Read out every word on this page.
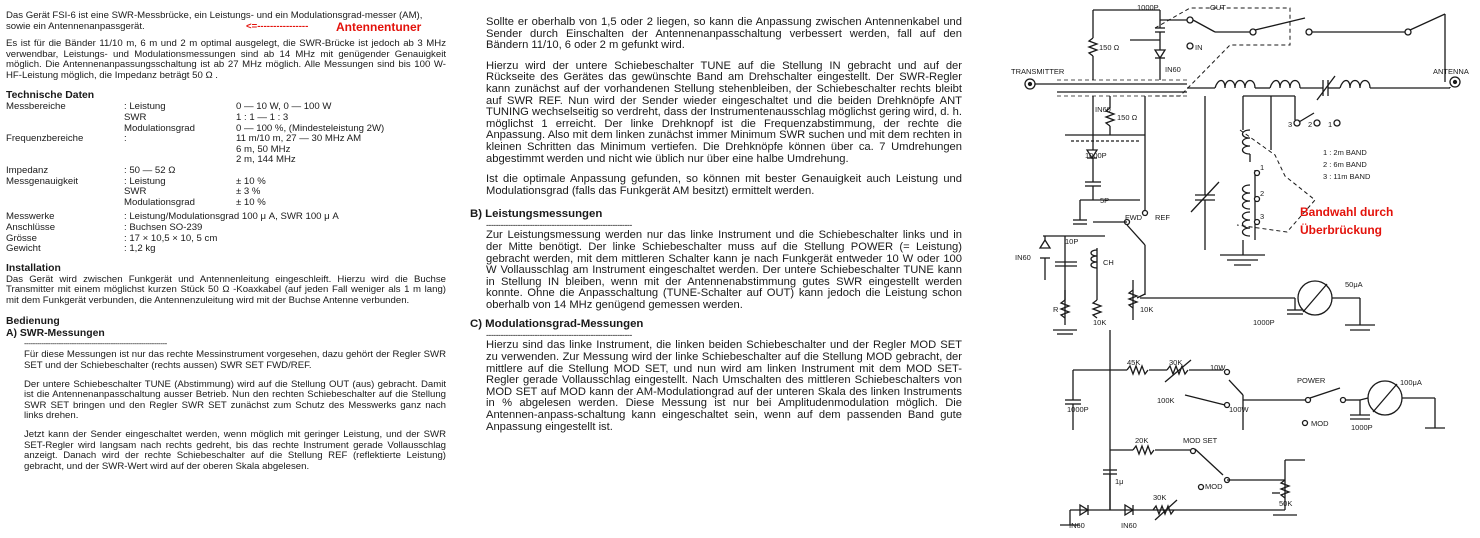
Das Gerät FSI-6 ist eine SWR-Messbrücke, ein Leistungs- und ein Modulationsgrad-messer (AM), sowie ein Antennenanpassgerät.	<=---------------- Antennentuner

Es ist für die Bänder 11/10 m, 6 m und 2 m optimal ausgelegt, die SWR-Brücke ist jedoch ab 3 MHz verwendbar, Leistungs- und Modulationsmessungen sind ab 14 MHz mit genügender Genauigkeit möglich. Die Antennenanpassungsschaltung ist ab 27 MHz möglich. Alle Messungen sind bis 100 W-HF-Leistung möglich, die Impedanz beträgt 50 Ω .

Technische Daten
Messbereiche	: Leistung	0 — 10 W, 0 — 100 W
SWR	1 : 1 — 1 : 3
Modulationsgrad	0 — 100 %, (Mindesteleistung 2W)
Frequenzbereiche	:	11 m/10 m, 27 — 30 MHz AM
6 m, 50 MHz
2 m, 144 MHz
Impedanz	: 50 — 52 Ω
Messgenauigkeit	: Leistung	± 10 %
SWR	± 3 %
Modulationsgrad	± 10 %
Messwerke	: Leistung/Modulationsgrad 100 μ A, SWR 100 μ A
Anschlüsse	: Buchsen SO-239
Grösse	: 17 × 10,5 × 10, 5 cm
Gewicht	: 1,2 kg
Installation

Das Gerät wird zwischen Funkgerät und Antennenleitung eingeschleift. Hierzu wird die Buchse Transmitter mit einem möglichst kurzen Stück 50 Ω -Koaxkabel (auf jeden Fall weniger als 1 m lang) mit dem Funkgerät verbunden, die Antennenzuleitung wird mit der Buchse Antenne verbunden.

Bedienung
A) SWR-Messungen
------------------------------------------------------------------

Für diese Messungen ist nur das rechte Messinstrument vorgesehen, dazu gehört der Regler SWR SET und der Schiebeschalter (rechts aussen) SWR SET FWD/REF.

Der untere Schiebeschalter TUNE (Abstimmung) wird auf die Stellung OUT (aus) gebracht. Damit ist die Antennenanpasschaltung ausser Betrieb. Nun den rechten Schiebeschalter auf die Stellung SWR SET bringen und den Regler SWR SET zunächst zum Schutz des Messwerks ganz nach links drehen.

Jetzt kann der Sender eingeschaltet werden, wenn möglich mit geringer Leistung, und der SWR SET-Regler wird langsam nach rechts gedreht, bis das rechte Instrument gerade Vollausschlag anzeigt. Danach wird der rechte Schiebeschalter auf die Stellung REF (reflektierte Leistung) gebracht, und der SWR-Wert wird auf der oberen Skala abgelesen.

Sollte er oberhalb von 1,5 oder 2 liegen, so kann die Anpassung zwischen Antennenkabel und Sender durch Einschalten der Antennenanpasschaltung verbessert werden, fall auf den Bändern 11/10, 6 oder 2 m gefunkt wird.

Hierzu wird der untere Schiebeschalter TUNE auf die Stellung IN gebracht und auf der Rückseite des Gerätes das gewünschte Band am Drehschalter eingestellt. Der SWR-Regler kann zunächst auf der vorhandenen Stellung stehenbleiben, der Schiebeschalter rechts bleibt auf SWR REF. Nun wird der Sender wieder eingeschaltet und die beiden Drehknöpfe ANT TUNING wechselseitig so verdreht, dass der Instrumentenausschlag möglichst gering wird, d. h. möglichst 1 erreicht. Der linke Drehknopf ist die Frequenzabstimmung, der rechte die Anpassung. Also mit dem linken zunächst immer Minimum SWR suchen und mit dem rechten in kleinen Schritten das Minimum vertiefen. Die Drehknöpfe können über ca. 7 Umdrehungen abgestimmt werden und nicht wie üblich nur über eine halbe Umdrehung.

Ist die optimale Anpassung gefunden, so können mit bester Genauigkeit auch Leistung und Modulationsgrad (falls das Funkgerät AM besitzt) ermittelt werden.

B) Leistungsmessungen
------------------------------------------------------------

Zur Leistungsmessung werden nur das linke Instrument und die Schiebeschalter links und in der Mitte benötigt. Der linke Schiebeschalter muss auf die Stellung POWER (= Leistung) gebracht werden, mit dem mittleren Schalter kann je nach Funkgerät entweder 10 W oder 100 W Vollausschlag am Instrument eingeschaltet werden. Der untere Schiebeschalter TUNE kann in Stellung IN bleiben, wenn mit der Antennenabstimmung gutes SWR eingestellt werden konnte. Ohne die Anpasschaltung (TUNE-Schalter auf OUT) kann jedoch die Leistung schon oberhalb von 14 MHz genügend gemessen werden.

C) Modulationsgrad-Messungen
------------------------------------------------------------

Hierzu sind das linke Instrument, die linken beiden Schiebeschalter und der Regler MOD SET zu verwenden. Zur Messung wird der linke Schiebeschalter auf die Stellung MOD gebracht, der mittlere auf die Stellung MOD SET, und nun wird am linken Instrument mit dem MOD SET-Regler gerade Vollausschlag eingestellt. Nach Umschalten des mittleren Schiebeschalters von MOD SET auf MOD kann der AM-Modulationgrad auf der unteren Skala des linken Instruments in % abgelesen werden. Diese Messung ist nur bei Amplitudenmodulation möglich. Die Antennen-anpass-schaltung kann eingeschaltet sein, wenn auf dem passenden Band gute Anpassung eingestellt ist.

TRANSMITTER	ANTENNA
OUT
IN
1000P
150 Ω
150 Ω
IN60
IN60
1000P
5P
FWD REF
10P
CH
IN60
R
10K
10K
3 2 1
1
2
3
1 : 2m BAND
2 : 6m BAND
3 : 11m BAND
50μA
1000P
45K	30K
100K
10W
100W
1000P
POWER	100μA
1000P
20K	MOD SET
MOD
MOD
1μ
30K
IN60	IN60
50K
Bandwahl durch
Überbrückung
